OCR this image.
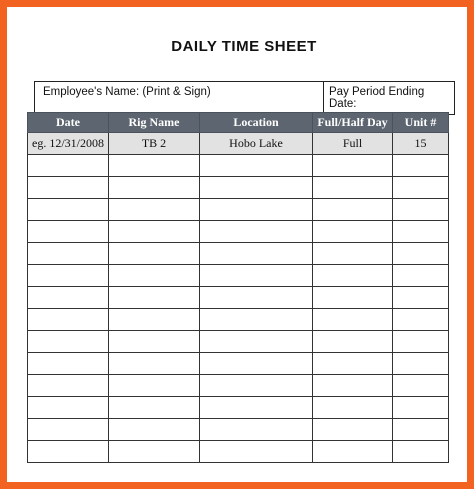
DAILY TIME SHEET
Employee's Name: (Print & Sign)	Pay Period Ending Date:
Date	Rig Name	Location	Full/Half Day	Unit #
eg. 12/31/2008	TB 2	Hobo Lake	Full	15
